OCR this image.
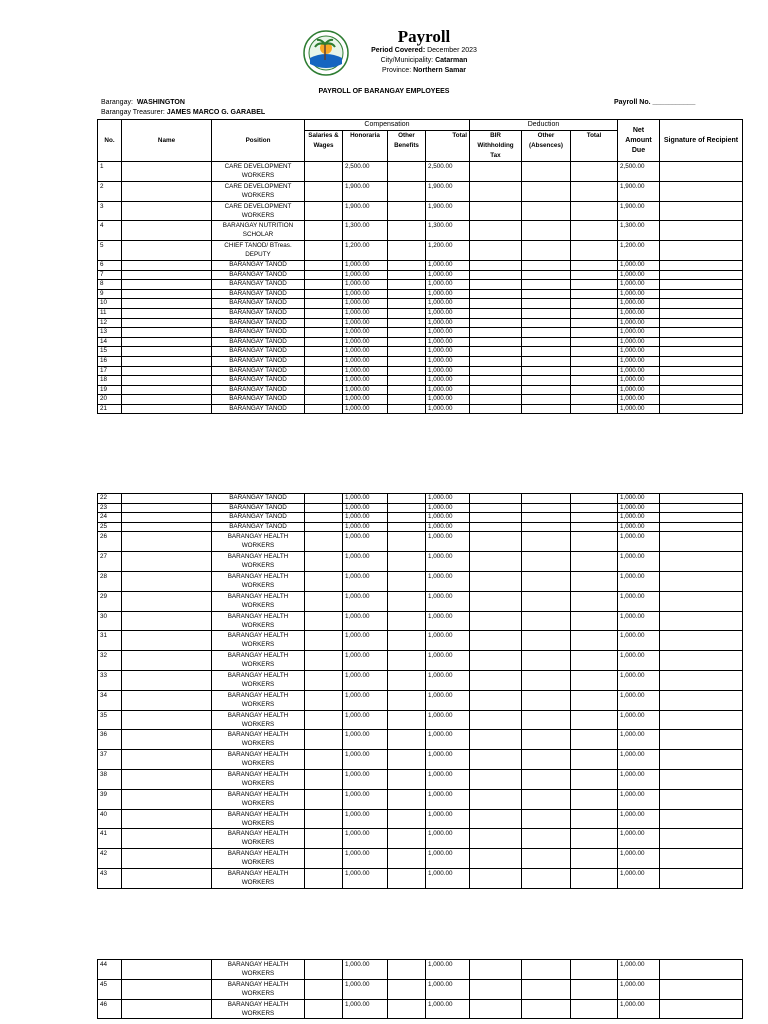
Payroll
Period Covered: December 2023
City/Municipality: Catarman
Province: Northern Samar
PAYROLL OF BARANGAY EMPLOYEES
Barangay: WASHINGTON
Barangay Treasurer: JAMES MARCO G. GARABEL
Payroll No. ___________
No.	Name	Position	Compensation				Deduction			Net Amount Due	Signature of Recipient
			Salaries & Wages	Honoraria	Other Benefits	Total	BIR Withholding Tax	Other (Absences)	Total		
1		CARE DEVELOPMENT WORKERS		2,500.00		2,500.00				2,500.00	
2		CARE DEVELOPMENT WORKERS		1,900.00		1,900.00				1,900.00	
3		CARE DEVELOPMENT WORKERS		1,900.00		1,900.00				1,900.00	
4		BARANGAY NUTRITION SCHOLAR		1,300.00		1,300.00				1,300.00	
5		CHIEF TANOD/ BTreas. DEPUTY		1,200.00		1,200.00				1,200.00	
6		BARANGAY TANOD		1,000.00		1,000.00				1,000.00	
7		BARANGAY TANOD		1,000.00		1,000.00				1,000.00	
8		BARANGAY TANOD		1,000.00		1,000.00				1,000.00	
9		BARANGAY TANOD		1,000.00		1,000.00				1,000.00	
10		BARANGAY TANOD		1,000.00		1,000.00				1,000.00	
11		BARANGAY TANOD		1,000.00		1,000.00				1,000.00	
12		BARANGAY TANOD		1,000.00		1,000.00				1,000.00	
13		BARANGAY TANOD		1,000.00		1,000.00				1,000.00	
14		BARANGAY TANOD		1,000.00		1,000.00				1,000.00	
15		BARANGAY TANOD		1,000.00		1,000.00				1,000.00	
16		BARANGAY TANOD		1,000.00		1,000.00				1,000.00	
17		BARANGAY TANOD		1,000.00		1,000.00				1,000.00	
18		BARANGAY TANOD		1,000.00		1,000.00				1,000.00	
19		BARANGAY TANOD		1,000.00		1,000.00				1,000.00	
20		BARANGAY TANOD		1,000.00		1,000.00				1,000.00	
21		BARANGAY TANOD		1,000.00		1,000.00				1,000.00	
22		BARANGAY TANOD		1,000.00		1,000.00				1,000.00	
23		BARANGAY TANOD		1,000.00		1,000.00				1,000.00	
24		BARANGAY TANOD		1,000.00		1,000.00				1,000.00	
25		BARANGAY TANOD		1,000.00		1,000.00				1,000.00	
26		BARANGAY HEALTH WORKERS		1,000.00		1,000.00				1,000.00	
27		BARANGAY HEALTH WORKERS		1,000.00		1,000.00				1,000.00	
28		BARANGAY HEALTH WORKERS		1,000.00		1,000.00				1,000.00	
29		BARANGAY HEALTH WORKERS		1,000.00		1,000.00				1,000.00	
30		BARANGAY HEALTH WORKERS		1,000.00		1,000.00				1,000.00	
31		BARANGAY HEALTH WORKERS		1,000.00		1,000.00				1,000.00	
32		BARANGAY HEALTH WORKERS		1,000.00		1,000.00				1,000.00	
33		BARANGAY HEALTH WORKERS		1,000.00		1,000.00				1,000.00	
34		BARANGAY HEALTH WORKERS		1,000.00		1,000.00				1,000.00	
35		BARANGAY HEALTH WORKERS		1,000.00		1,000.00				1,000.00	
36		BARANGAY HEALTH WORKERS		1,000.00		1,000.00				1,000.00	
37		BARANGAY HEALTH WORKERS		1,000.00		1,000.00				1,000.00	
38		BARANGAY HEALTH WORKERS		1,000.00		1,000.00				1,000.00	
39		BARANGAY HEALTH WORKERS		1,000.00		1,000.00				1,000.00	
40		BARANGAY HEALTH WORKERS		1,000.00		1,000.00				1,000.00	
41		BARANGAY HEALTH WORKERS		1,000.00		1,000.00				1,000.00	
42		BARANGAY HEALTH WORKERS		1,000.00		1,000.00				1,000.00	
43		BARANGAY HEALTH WORKERS		1,000.00		1,000.00				1,000.00	
44		BARANGAY HEALTH WORKERS		1,000.00		1,000.00				1,000.00	
45		BARANGAY HEALTH WORKERS		1,000.00		1,000.00				1,000.00	
46		BARANGAY HEALTH WORKERS		1,000.00		1,000.00				1,000.00	
